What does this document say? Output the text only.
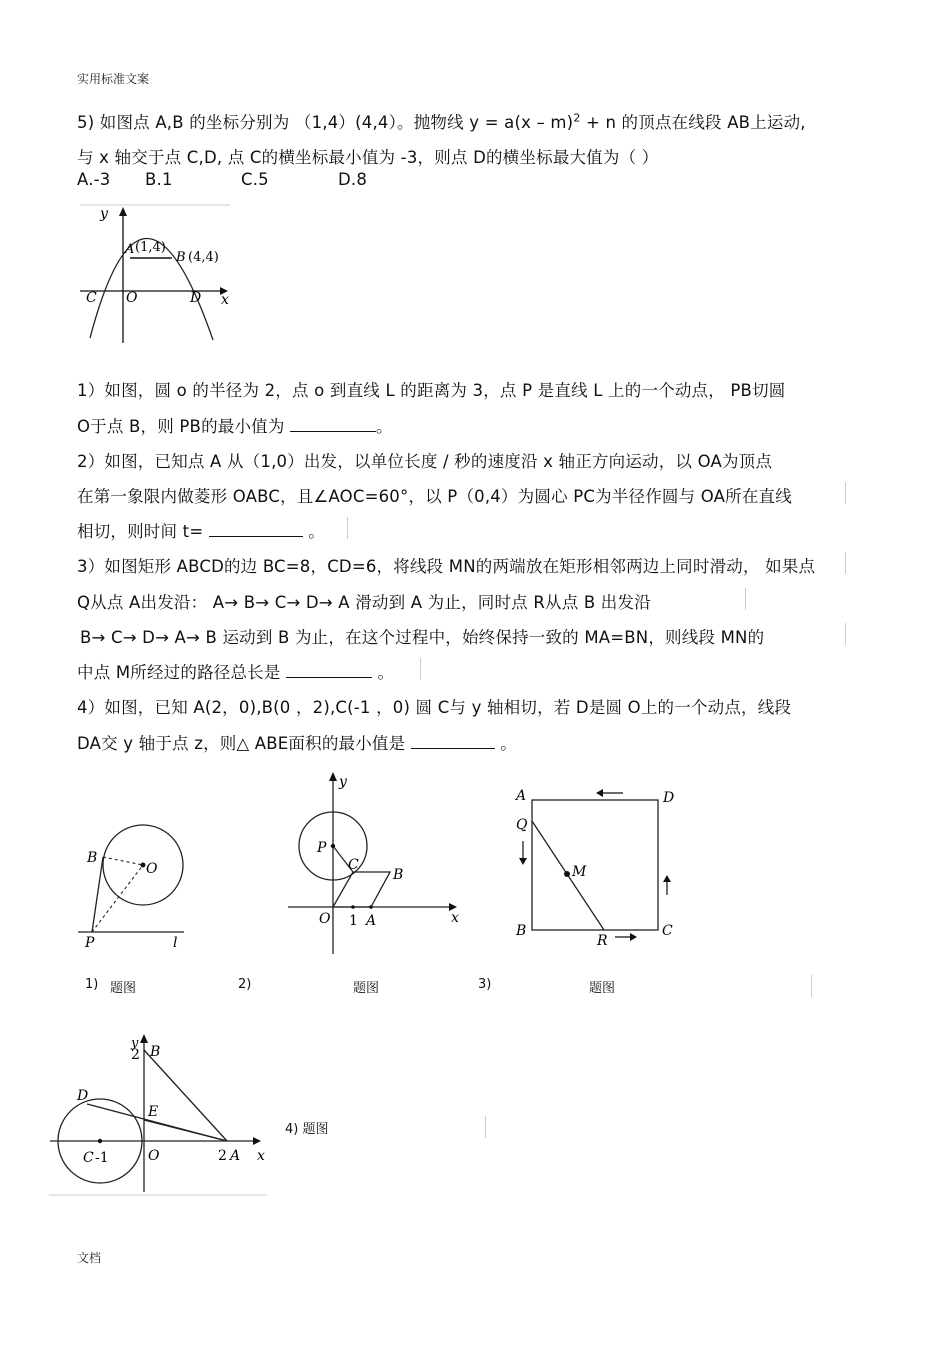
实用标准文案
5) 如图点 A,B 的坐标分别为 （1,4）(4,4）。抛物线 y = a(x – m)$^2$ + n 的顶点在线段 AB上运动,
与 x 轴交于点 C,D, 点 C的横坐标最小值为 -3，则点 D的横坐标最大值为（ ）
A.-3 B.1	C.5	D.8
y
x
C O	D
A (1,4)
B (4,4)
1）如图，圆 o 的半径为 2，点 o 到直线 L 的距离为 3，点 P 是直线 L 上的一个动点， PB切圆
O于点 B，则 PB的最小值为	。
2）如图，已知点 A 从（1,0）出发，以单位长度 / 秒的速度沿 x 轴正方向运动，以 OA为顶点
在第一象限内做菱形 OABC，且∠AOC=60°，以 P（0,4）为圆心 PC为半径作圆与 OA所在直线
相切，则时间 t=	。
3）如图矩形 ABCD的边 BC=8，CD=6，将线段 MN的两端放在矩形相邻两边上同时滑动， 如果点
Q从点 A出发沿： A→ B→ C→ D→ A 滑动到 A 为止，同时点 R从点 B 出发沿
B→ C→ D→ A→ B 运动到 B 为止，在这个过程中，始终保持一致的 MA=BN，则线段 MN的
中点 M所经过的路径总长是	。
4）如图，已知 A(2，0),B(0 ，2),C(-1 ，0) 圆 C与 y 轴相切，若 D是圆 O上的一个动点，线段
DA交 y 轴于点 z，则△ ABE面积的最小值是	。
B
O
P	l
y
x
P
C
B
O 1 A
A	D
Q
M
B
R
C
1) 题图	2)	题图	3)	题图
y
2 B
D
E
C -1	O	2 A x
4) 题图
文档
